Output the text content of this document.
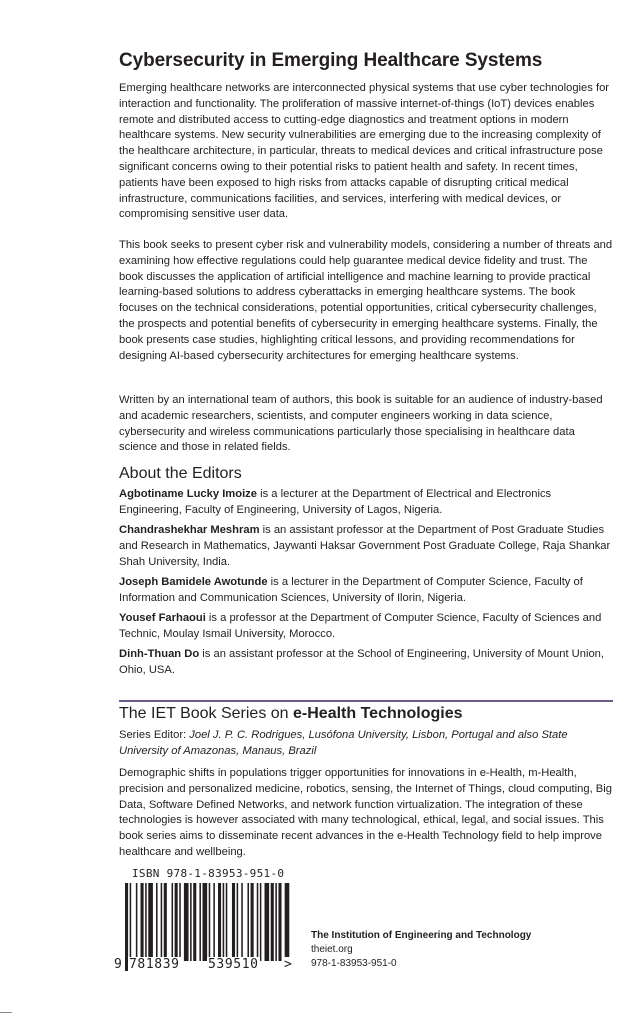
Cybersecurity in Emerging Healthcare Systems

Emerging healthcare networks are interconnected physical systems that use cyber technologies for interaction and functionality. The proliferation of massive internet-of-things (IoT) devices enables remote and distributed access to cutting-edge diagnostics and treatment options in modern healthcare systems. New security vulnerabilities are emerging due to the increasing complexity of the healthcare architecture, in particular, threats to medical devices and critical infrastructure pose significant concerns owing to their potential risks to patient health and safety. In recent times, patients have been exposed to high risks from attacks capable of disrupting critical medical infrastructure, communications facilities, and services, interfering with medical devices, or compromising sensitive user data.

This book seeks to present cyber risk and vulnerability models, considering a number of threats and examining how effective regulations could help guarantee medical device fidelity and trust. The book discusses the application of artificial intelligence and machine learning to provide practical learning-based solutions to address cyberattacks in emerging healthcare systems. The book focuses on the technical considerations, potential opportunities, critical cybersecurity challenges, the prospects and potential benefits of cybersecurity in emerging healthcare systems. Finally, the book presents case studies, highlighting critical lessons, and providing recommendations for designing AI-based cybersecurity architectures for emerging healthcare systems.

Written by an international team of authors, this book is suitable for an audience of industry-based and academic researchers, scientists, and computer engineers working in data science, cybersecurity and wireless communications particularly those specialising in healthcare data science and those in related fields.

About the Editors

Agbotiname Lucky Imoize is a lecturer at the Department of Electrical and Electronics Engineering, Faculty of Engineering, University of Lagos, Nigeria.

Chandrashekhar Meshram is an assistant professor at the Department of Post Graduate Studies and Research in Mathematics, Jaywanti Haksar Government Post Graduate College, Raja Shankar Shah University, India.

Joseph Bamidele Awotunde is a lecturer in the Department of Computer Science, Faculty of Information and Communication Sciences, University of Ilorin, Nigeria.

Yousef Farhaoui is a professor at the Department of Computer Science, Faculty of Sciences and Technic, Moulay Ismail University, Morocco.

Dinh-Thuan Do is an assistant professor at the School of Engineering, University of Mount Union, Ohio, USA.

The IET Book Series on e-Health Technologies

Series Editor: Joel J. P. C. Rodrigues, Lusófona University, Lisbon, Portugal and also State University of Amazonas, Manaus, Brazil

Demographic shifts in populations trigger opportunities for innovations in e-Health, m-Health, precision and personalized medicine, robotics, sensing, the Internet of Things, cloud computing, Big Data, Software Defined Networks, and network function virtualization. The integration of these technologies is however associated with many technological, ethical, legal, and social issues. This book series aims to disseminate recent advances in the e-Health Technology field to help improve healthcare and wellbeing.

ISBN 978-1-83953-951-0

9 781839 539510 >

The Institution of Engineering and Technology

theiet.org

978-1-83953-951-0
